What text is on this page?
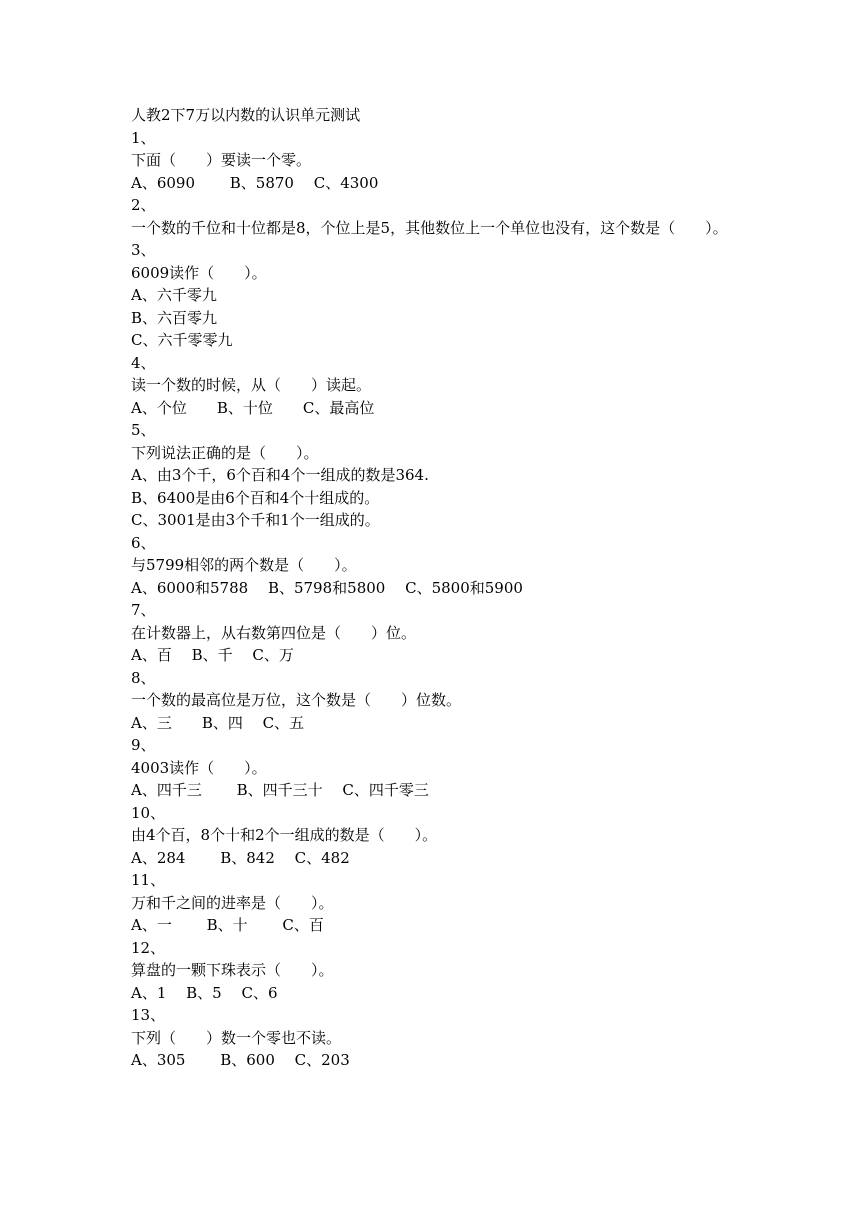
人教2下7万以内数的认识单元测试
1、
下面（　　）要读一个零。
A、6090　　 B、5870　 C、4300
2、
一个数的千位和十位都是8，个位上是5，其他数位上一个单位也没有，这个数是（　　）。
3、
6009读作（　　）。
A、六千零九
B、六百零九
C、六千零零九
4、
读一个数的时候，从（　　）读起。
A、个位　　B、十位　　C、最高位
5、
下列说法正确的是（　　）。
A、由3个千，6个百和4个一组成的数是364.
B、6400是由6个百和4个十组成的。
C、3001是由3个千和1个一组成的。
6、
与5799相邻的两个数是（　　）。
A、6000和5788　 B、5798和5800　 C、5800和5900
7、
在计数器上，从右数第四位是（　　）位。
A、百　 B、千　 C、万
8、
一个数的最高位是万位，这个数是（　　）位数。
A、三　　B、四　 C、五
9、
4003读作（　　）。
A、四千三　　 B、四千三十　 C、四千零三
10、
由4个百，8个十和2个一组成的数是（　　）。
A、284　　 B、842　 C、482
11、
万和千之间的进率是（　　）。
A、一　　 B、十　　 C、百
12、
算盘的一颗下珠表示（　　）。
A、1　 B、5　 C、6
13、
下列（　　）数一个零也不读。
A、305　　 B、600　 C、203
